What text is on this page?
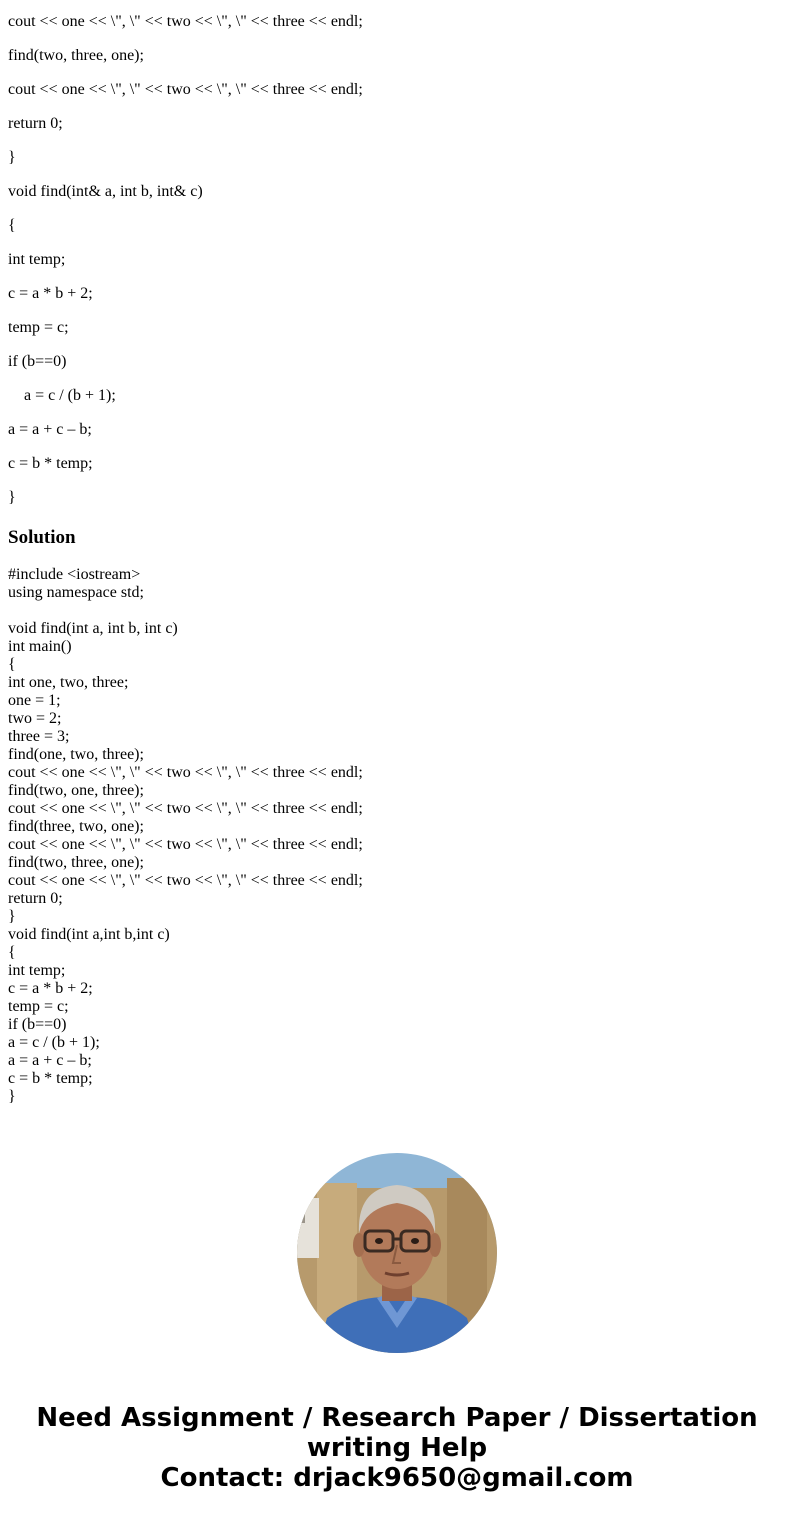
cout << one << \", \" << two << \", \" << three << endl;

find(two, three, one);

cout << one << \", \" << two << \", \" << three << endl;

return 0;

}

void find(int& a, int b, int& c)

{

int temp;

c = a * b + 2;

temp = c;

if (b==0)

a = c / (b + 1);

a = a + c – b;

c = b * temp;

}

Solution
#include <iostream>
using namespace std;
void find(int a, int b, int c)
int main()
{
int one, two, three;
one = 1;
two = 2;
three = 3;
find(one, two, three);
cout << one << \", \" << two << \", \" << three << endl;
find(two, one, three);
cout << one << \", \" << two << \", \" << three << endl;
find(three, two, one);
cout << one << \", \" << two << \", \" << three << endl;
find(two, three, one);
cout << one << \", \" << two << \", \" << three << endl;
return 0;
}
void find(int a,int b,int c)
{
int temp;
c = a * b + 2;
temp = c;
if (b==0)
a = c / (b + 1);
a = a + c – b;
c = b * temp;
}
Need Assignment / Research Paper / Dissertation
writing Help
Contact: drjack9650@gmail.com
